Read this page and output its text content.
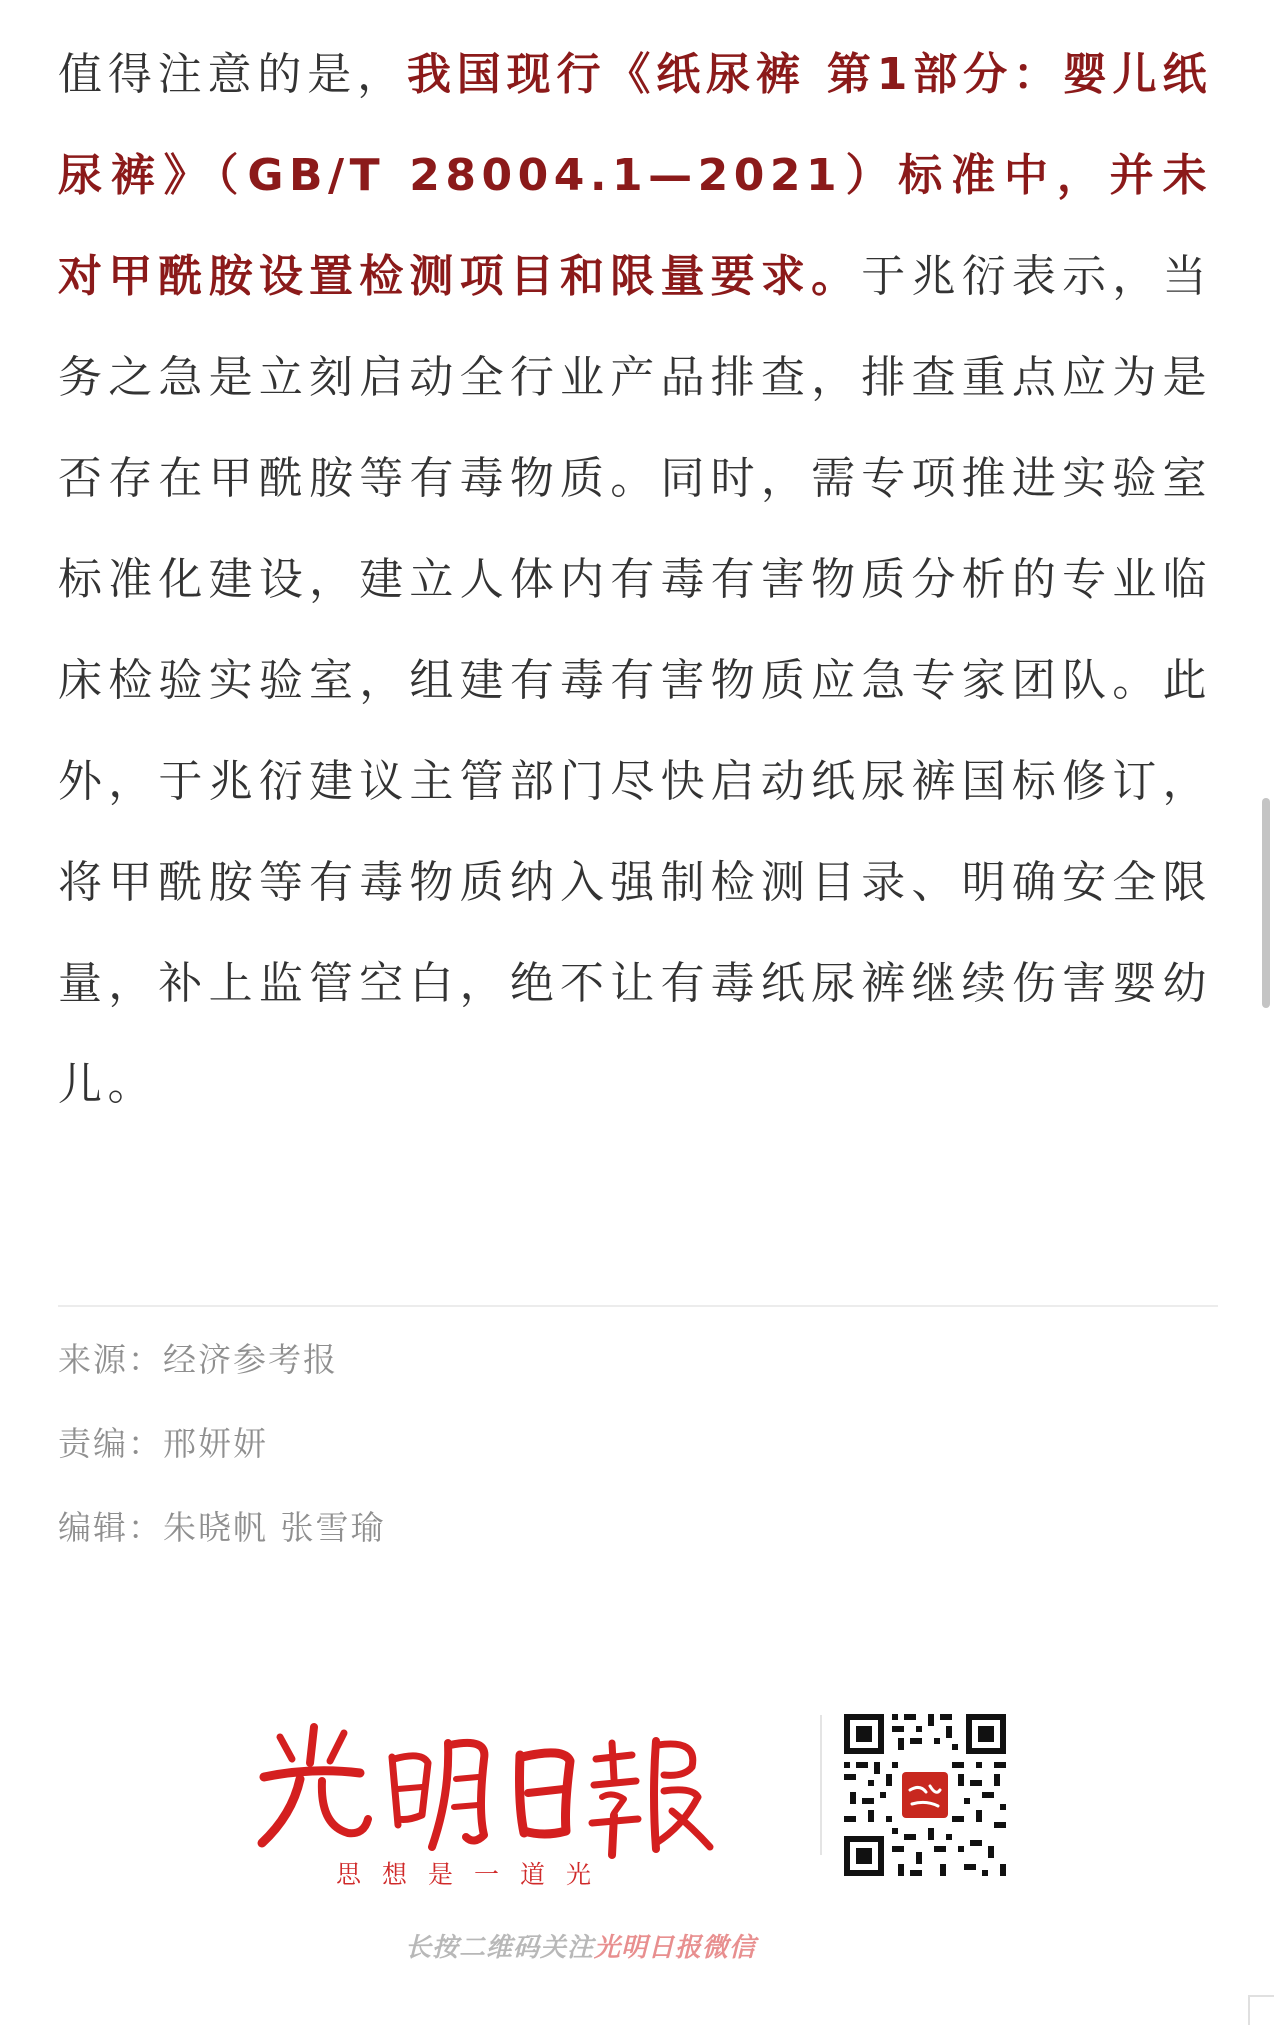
值得注意的是，我国现行《纸尿裤 第1部分：婴儿纸尿裤》（GB/T 28004.1—2021）标准中，并未对甲酰胺设置检测项目和限量要求。于兆衍表示，当务之急是立刻启动全行业产品排查，排查重点应为是否存在甲酰胺等有毒物质。同时，需专项推进实验室标准化建设，建立人体内有毒有害物质分析的专业临床检验实验室，组建有毒有害物质应急专家团队。此外，于兆衍建议主管部门尽快启动纸尿裤国标修订，将甲酰胺等有毒物质纳入强制检测目录、明确安全限量，补上监管空白，绝不让有毒纸尿裤继续伤害婴幼儿。

来源：经济参考报
责编：邢妍妍
编辑：朱晓帆 张雪瑜
思想是一道光
长按二维码关注光明日报微信
